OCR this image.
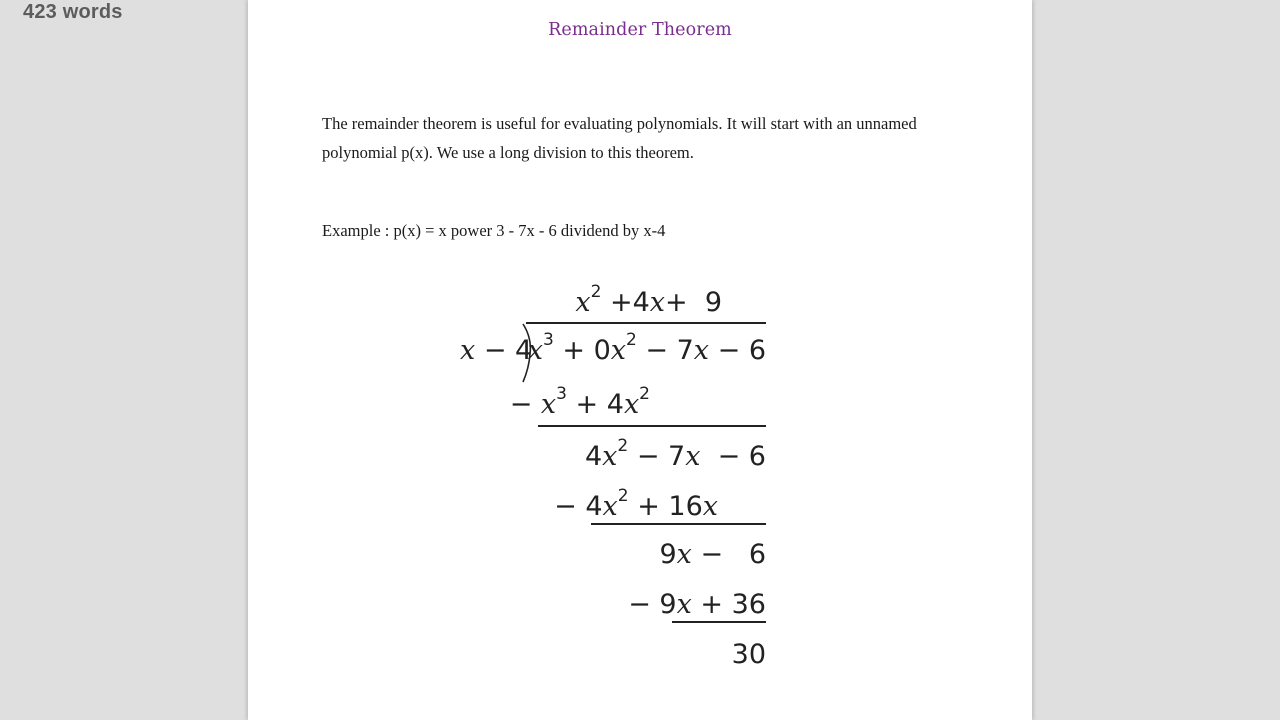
423 words
Remainder Theorem
The remainder theorem is useful for evaluating polynomials. It will start with an unnamed polynomial p(x). We use a long division to this theorem.
Example : p(x) = x power 3 - 7x - 6 dividend by x-4
$x^2 +4x+ 9$
x − 4
$x^3 + 0x^2 - 7x - 6$
− $x^3 + 4x^2$
$4x^2 - 7x - 6$
− $4x^2 + 16x$
9x −   6
− 9x + 36
30
